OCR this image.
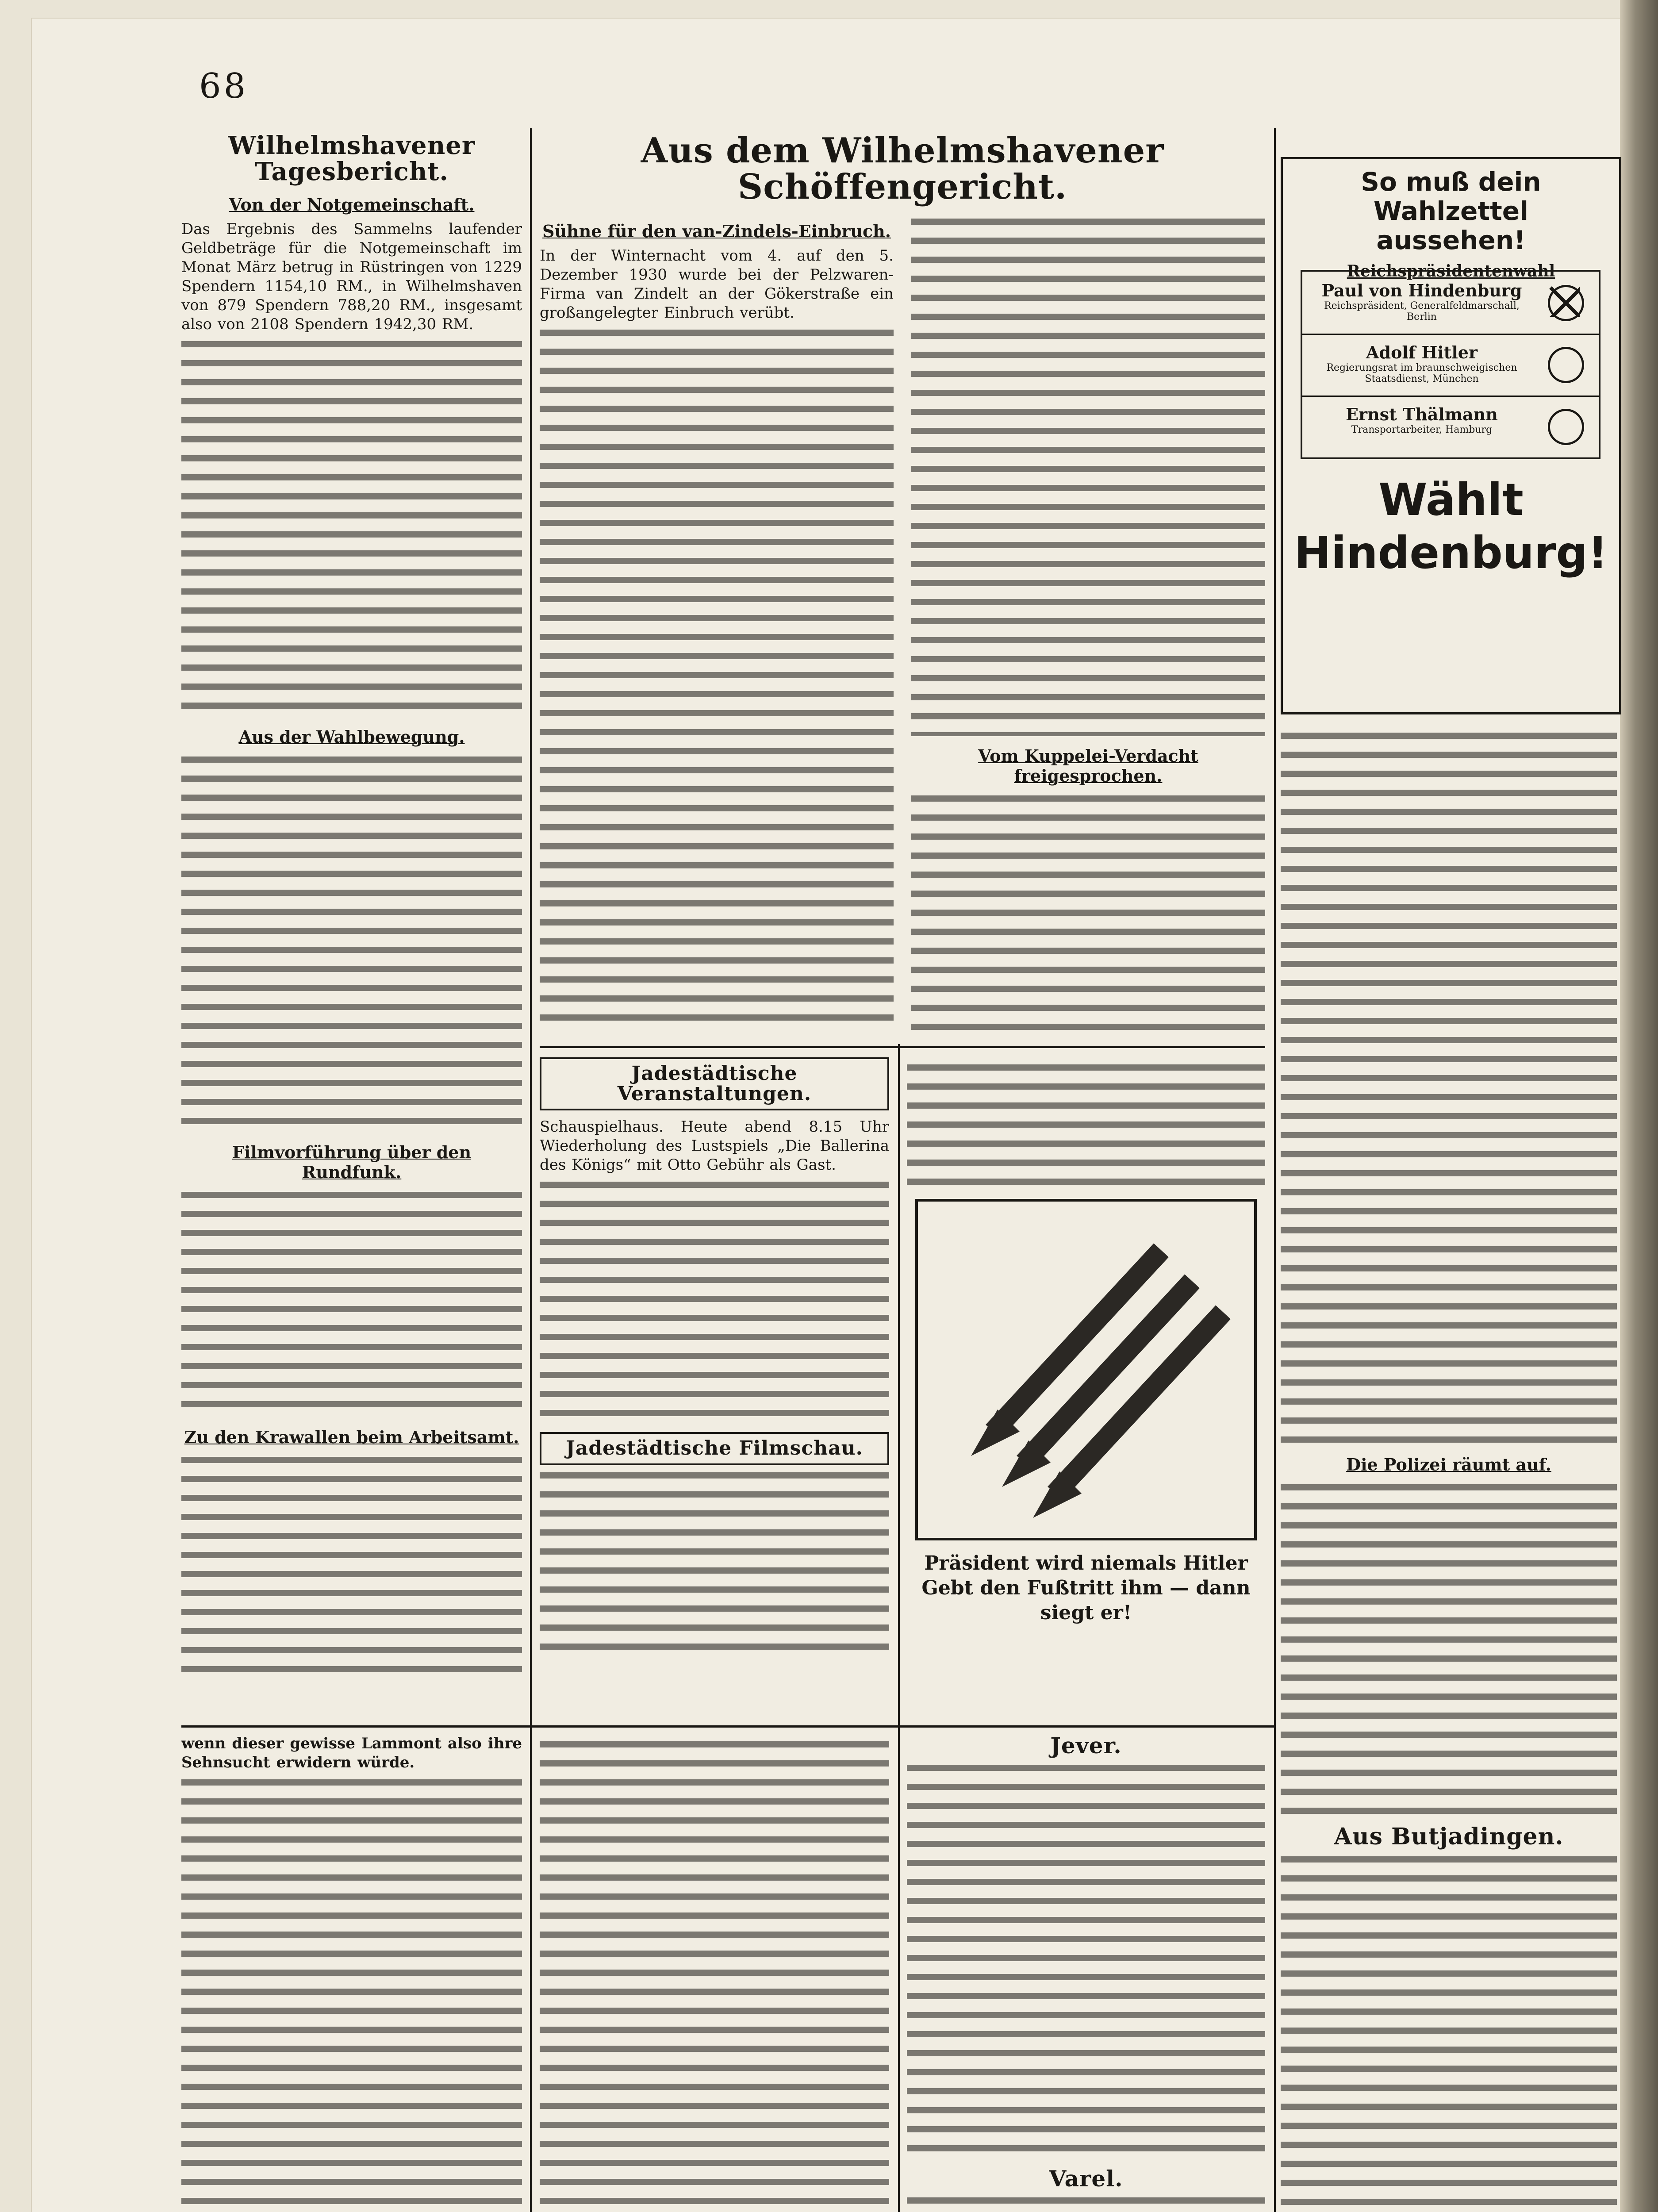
68
Wilhelmshavener Tagesbericht.
Von der Notgemeinschaft.

Das Ergebnis des Sammelns laufender Geldbeträge für die Notgemeinschaft im Monat März betrug in Rüstringen von 1229 Spendern 1154,10 RM., in Wilhelmshaven von 879 Spendern 788,20 RM., insgesamt also von 2108 Spendern 1942,30 RM.

Aus der Wahlbewegung.
Filmvorführung über den Rundfunk.
Zu den Krawallen beim Arbeitsamt.
Aus dem Wilhelmshavener Schöffengericht.
Sühne für den van-Zindels-Einbruch.

In der Winternacht vom 4. auf den 5. Dezember 1930 wurde bei der Pelzwaren-Firma van Zindelt an der Gökerstraße ein großangelegter Einbruch verübt.

Vom Kuppelei-Verdacht freigesprochen.
Jadestädtische Veranstaltungen.

Schauspielhaus. Heute abend 8.15 Uhr Wiederholung des Lustspiels „Die Ballerina des Königs“ mit Otto Gebühr als Gast.

Jadestädtische Filmschau.
Präsident wird niemals Hitler
Gebt den Fußtritt ihm — dann siegt er!
So muß dein Wahlzettel
aussehen!
Reichspräsidentenwahl
Paul von Hindenburg
Reichspräsident, Generalfeldmarschall, Berlin
Adolf Hitler
Regierungsrat im braunschweigischen Staatsdienst, München
Ernst Thälmann
Transportarbeiter, Hamburg
Wählt
Hindenburg!
Die Polizei räumt auf.
Aus Butjadingen.

wenn dieser gewisse Lammont also ihre Sehnsucht erwidern würde.

Jever.
Varel.
